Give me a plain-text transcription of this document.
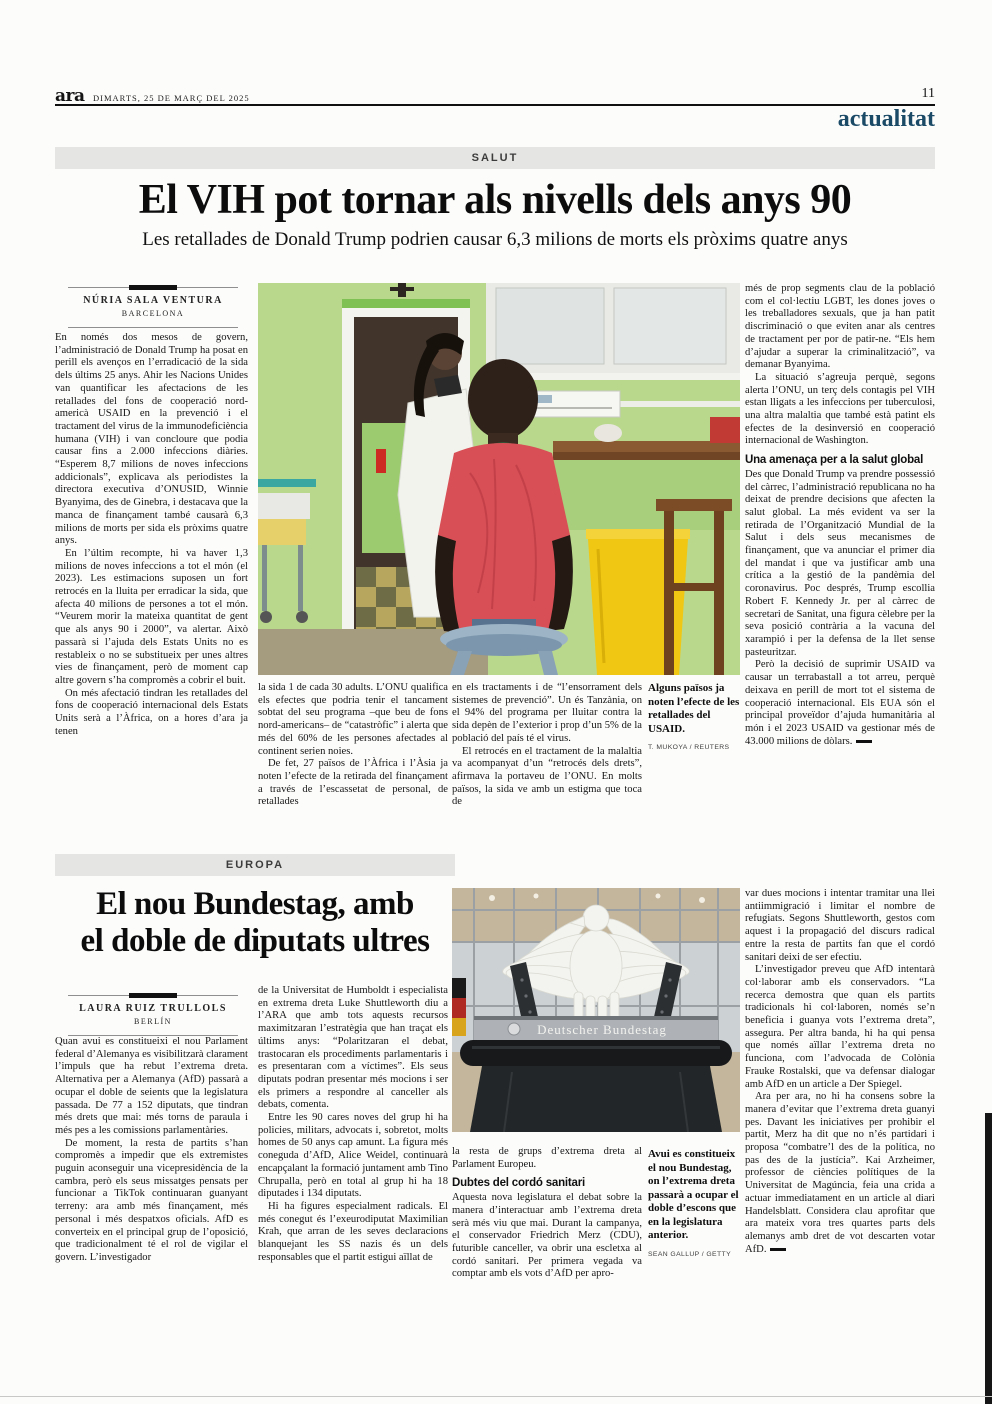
ara DIMARTS, 25 DE MARÇ DEL 2025	11
actualitat
SALUT
El VIH pot tornar als nivells dels anys 90
Les retallades de Donald Trump podrien causar 6,3 milions de morts els pròxims quatre anys
NÚRIA SALA VENTURA
BARCELONA

En només dos mesos de govern, l’administració de Donald Trump ha posat en perill els avenços en l’erradicació de la sida dels últims 25 anys. Ahir les Nacions Unides van quantificar les afectacions de les retallades del fons de cooperació nord-americà USAID en la prevenció i el tractament del virus de la immunodeficiència humana (VIH) i van concloure que podia causar fins a 2.000 infeccions diàries. “Esperem 8,7 milions de noves infeccions addicionals”, explicava als periodistes la directora executiva d’ONUSID, Winnie Byanyima, des de Ginebra, i destacava que la manca de finançament també causarà 6,3 milions de morts per sida els pròxims quatre anys.

En l’últim recompte, hi va haver 1,3 milions de noves infeccions a tot el món (el 2023). Les estimacions suposen un fort retrocés en la lluita per erradicar la sida, que afecta 40 milions de persones a tot el món. “Veurem morir la mateixa quantitat de gent que als anys 90 i 2000”, va alertar. Això passarà si l’ajuda dels Estats Units no es restableix o no se substitueix per unes altres vies de finançament, però de moment cap altre govern s’ha compromès a cobrir el buit.

On més afectació tindran les retallades del fons de cooperació internacional dels Estats Units serà a l’Àfrica, on a hores d’ara ja tenen

la sida 1 de cada 30 adults. L’ONU qualifica els efectes que podria tenir el tancament sobtat del seu programa –que beu de fons nord-americans– de “catastròfic” i alerta que més del 60% de les persones afectades al continent serien noies.

De fet, 27 països de l’Àfrica i l’Àsia ja noten l’efecte de la retirada del finançament a través de l’escassetat de personal, de retallades

en els tractaments i de “l’ensorrament dels sistemes de prevenció”. Un és Tanzània, on el 94% del programa per lluitar contra la sida depèn de l’exterior i prop d’un 5% de la població del país té el virus.

El retrocés en el tractament de la malaltia va acompanyat d’un “retrocés dels drets”, afirmava la portaveu de l’ONU. En molts països, la sida ve amb un estigma que toca de

Alguns països ja noten l’efecte de les retallades del USAID.
T. MUKOYA / REUTERS

més de prop segments clau de la població com el col·lectiu LGBT, les dones joves o les treballadores sexuals, que ja han patit discriminació o que eviten anar als centres de tractament per por de patir-ne. “Els hem d’ajudar a superar la criminalització”, va demanar Byanyima.

La situació s’agreuja perquè, segons alerta l’ONU, un terç dels contagis pel VIH estan lligats a les infeccions per tuberculosi, una altra malaltia que també està patint els efectes de la desinversió en cooperació internacional de Washington.

Una amenaça per a la salut global

Des que Donald Trump va prendre possessió del càrrec, l’administració republicana no ha deixat de prendre decisions que afecten la salut global. La més evident va ser la retirada de l’Organització Mundial de la Salut i dels seus mecanismes de finançament, que va anunciar el primer dia del mandat i que va justificar amb una crítica a la gestió de la pandèmia del coronavirus. Poc després, Trump escollia Robert F. Kennedy Jr. per al càrrec de secretari de Sanitat, una figura cèlebre per la seva posició contrària a la vacuna del xarampió i per la defensa de la llet sense pasteuritzar.

Però la decisió de suprimir USAID va causar un terrabastall a tot arreu, perquè deixava en perill de mort tot el sistema de cooperació internacional. Els EUA són el principal proveïdor d’ajuda humanitària al món i el 2023 USAID va gestionar més de 43.000 milions de dòlars.

EUROPA
El nou Bundestag, amb
el doble de diputats ultres
LAURA RUIZ TRULLOLS
BERLÍN
Deutscher Bundestag

Quan avui es constitueixi el nou Parlament federal d’Alemanya es visibilitzarà clarament l’impuls que ha rebut l’extrema dreta. Alternativa per a Alemanya (AfD) passarà a ocupar el doble de seients que la legislatura passada. De 77 a 152 diputats, que tindran més drets que mai: més torns de paraula i més pes a les comissions parlamentàries.

De moment, la resta de partits s’han compromès a impedir que els extremistes puguin aconseguir una vicepresidència de la cambra, però els seus missatges pensats per funcionar a TikTok continuaran guanyant terreny: ara amb més finançament, més personal i més despatxos oficials. AfD es converteix en el principal grup de l’oposició, que tradicionalment té el rol de vigilar el govern. L’investigador

de la Universitat de Humboldt i especialista en extrema dreta Luke Shuttleworth diu a l’ARA que amb tots aquests recursos maximitzaran l’estratègia que han traçat els últims anys: “Polaritzaran el debat, trastocaran els procediments parlamentaris i es presentaran com a víctimes”. Els seus diputats podran presentar més mocions i ser els primers a respondre al canceller als debats, comenta.

Entre les 90 cares noves del grup hi ha policies, militars, advocats i, sobretot, molts homes de 50 anys cap amunt. La figura més coneguda d’AfD, Alice Weidel, continuarà encapçalant la formació juntament amb Tino Chrupalla, però en total al grup hi ha 18 diputades i 134 diputats.

Hi ha figures especialment radicals. El més conegut és l’exeurodiputat Maximilian Krah, que arran de les seves declaracions blanquejant les SS nazis és un dels responsables que el partit estigui aïllat de

la resta de grups d’extrema dreta al Parlament Europeu.

Dubtes del cordó sanitari

Aquesta nova legislatura el debat sobre la manera d’interactuar amb l’extrema dreta serà més viu que mai. Durant la campanya, el conservador Friedrich Merz (CDU), futurible canceller, va obrir una escletxa al cordó sanitari. Per primera vegada va comptar amb els vots d’AfD per apro-

Avui es constitueix el nou Bundestag, on l’extrema dreta passarà a ocupar el doble d’escons que en la legislatura anterior.
SEAN GALLUP / GETTY

var dues mocions i intentar tramitar una llei antiimmigració i limitar el nombre de refugiats. Segons Shuttleworth, gestos com aquest i la propagació del discurs radical entre la resta de partits fan que el cordó sanitari deixi de ser efectiu.

L’investigador preveu que AfD intentarà col·laborar amb els conservadors. “La recerca demostra que quan els partits tradicionals hi col·laboren, només se’n beneficia i guanya vots l’extrema dreta”, assegura. Per altra banda, hi ha qui pensa que només aïllar l’extrema dreta no funciona, com l’advocada de Colònia Frauke Rostalski, que va defensar dialogar amb AfD en un article a Der Spiegel.

Ara per ara, no hi ha consens sobre la manera d’evitar que l’extrema dreta guanyi pes. Davant les iniciatives per prohibir el partit, Merz ha dit que no n’és partidari i proposa “combatre’l des de la política, no pas des de la justícia”. Kai Arzheimer, professor de ciències polítiques de la Universitat de Magúncia, feia una crida a actuar immediatament en un article al diari Handelsblatt. Considera clau aprofitar que ara mateix vora tres quartes parts dels alemanys amb dret de vot descarten votar AfD.
